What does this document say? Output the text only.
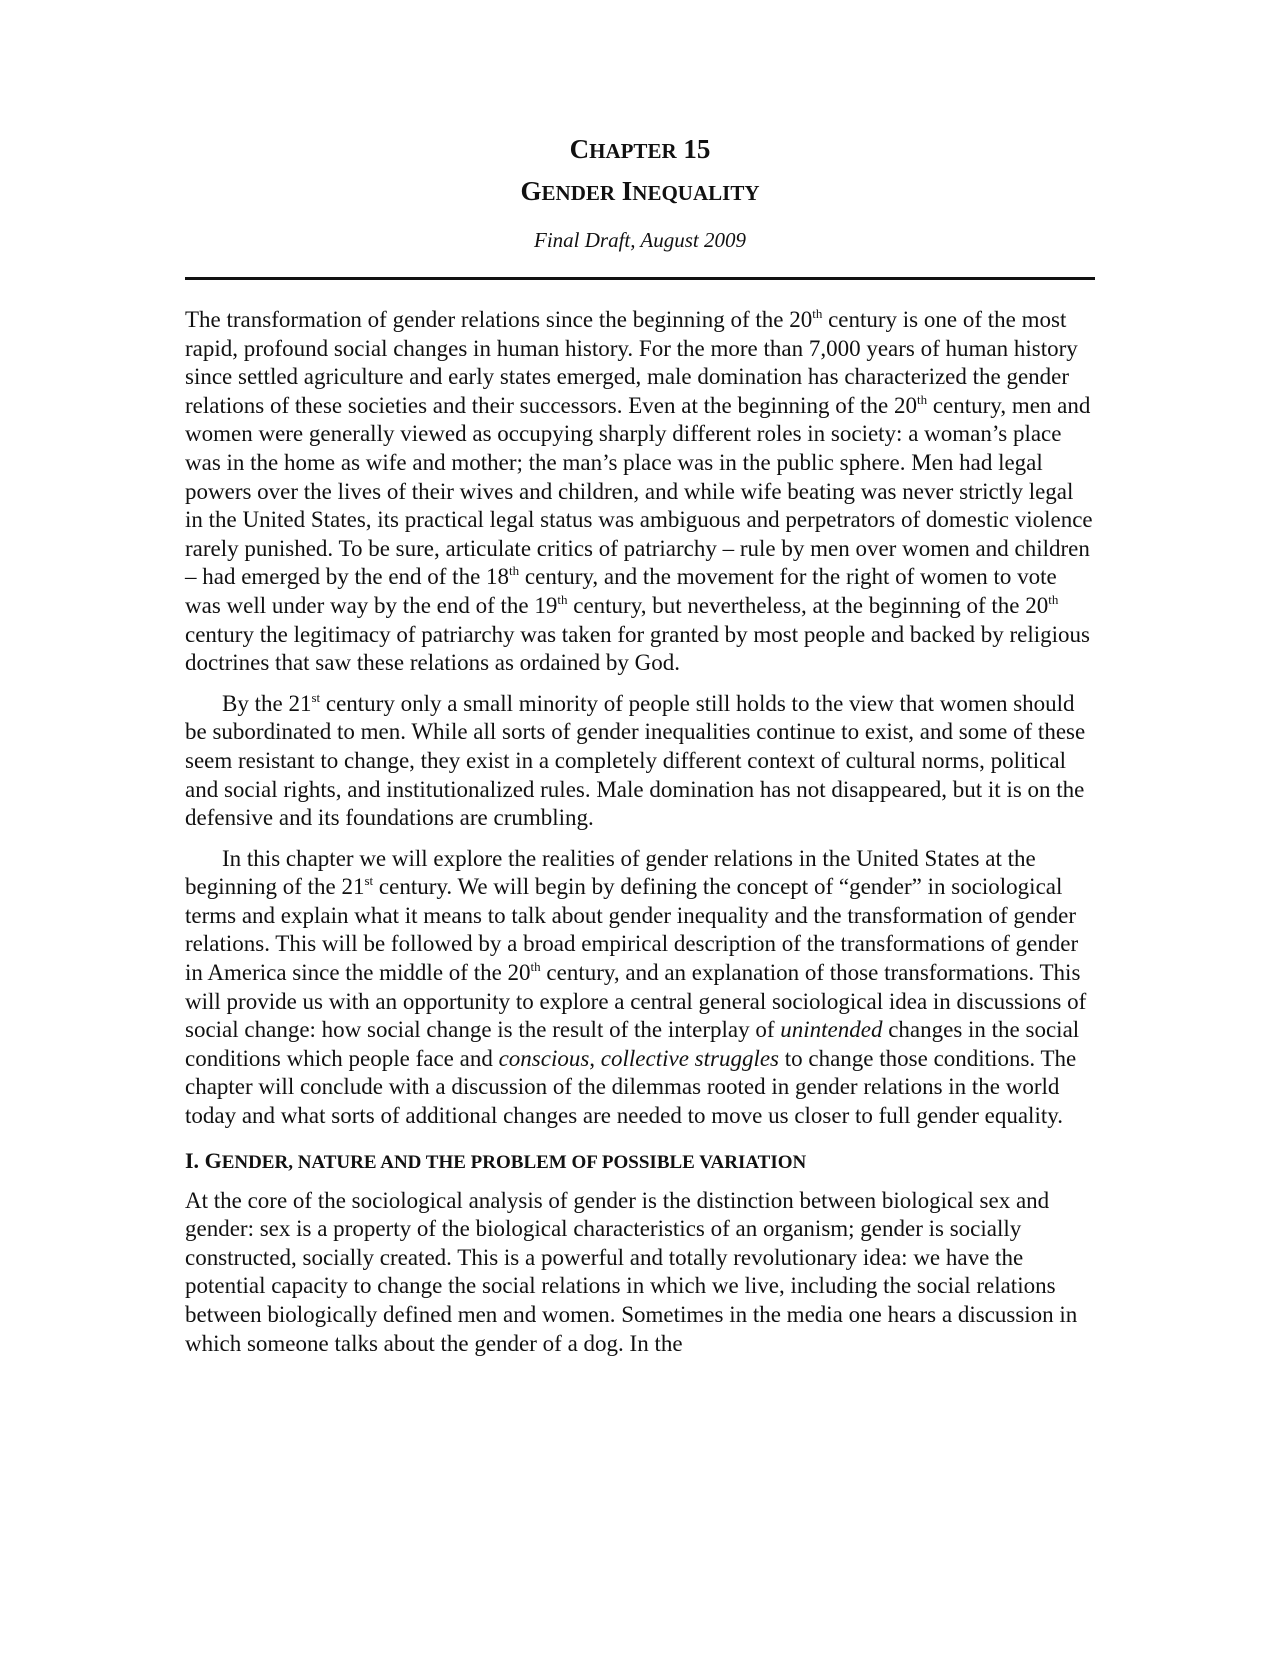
CHAPTER 15
GENDER INEQUALITY
Final Draft, August 2009

The transformation of gender relations since the beginning of the 20th century is one of the most rapid, profound social changes in human history. For the more than 7,000 years of human history since settled agriculture and early states emerged, male domination has characterized the gender relations of these societies and their successors. Even at the beginning of the 20th century, men and women were generally viewed as occupying sharply different roles in society: a woman’s place was in the home as wife and mother; the man’s place was in the public sphere. Men had legal powers over the lives of their wives and children, and while wife beating was never strictly legal in the United States, its practical legal status was ambiguous and perpetrators of domestic violence rarely punished. To be sure, articulate critics of patriarchy – rule by men over women and children – had emerged by the end of the 18th century, and the movement for the right of women to vote was well under way by the end of the 19th century, but nevertheless, at the beginning of the 20th century the legitimacy of patriarchy was taken for granted by most people and backed by religious doctrines that saw these relations as ordained by God.

By the 21st century only a small minority of people still holds to the view that women should be subordinated to men. While all sorts of gender inequalities continue to exist, and some of these seem resistant to change, they exist in a completely different context of cultural norms, political and social rights, and institutionalized rules. Male domination has not disappeared, but it is on the defensive and its foundations are crumbling.

In this chapter we will explore the realities of gender relations in the United States at the beginning of the 21st century. We will begin by defining the concept of “gender” in sociological terms and explain what it means to talk about gender inequality and the transformation of gender relations. This will be followed by a broad empirical description of the transformations of gender in America since the middle of the 20th century, and an explanation of those transformations. This will provide us with an opportunity to explore a central general sociological idea in discussions of social change: how social change is the result of the interplay of unintended changes in the social conditions which people face and conscious, collective struggles to change those conditions. The chapter will conclude with a discussion of the dilemmas rooted in gender relations in the world today and what sorts of additional changes are needed to move us closer to full gender equality.

I. GENDER, NATURE AND THE PROBLEM OF POSSIBLE VARIATION

At the core of the sociological analysis of gender is the distinction between biological sex and gender: sex is a property of the biological characteristics of an organism; gender is socially constructed, socially created. This is a powerful and totally revolutionary idea: we have the potential capacity to change the social relations in which we live, including the social relations between biologically defined men and women. Sometimes in the media one hears a discussion in which someone talks about the gender of a dog. In the
